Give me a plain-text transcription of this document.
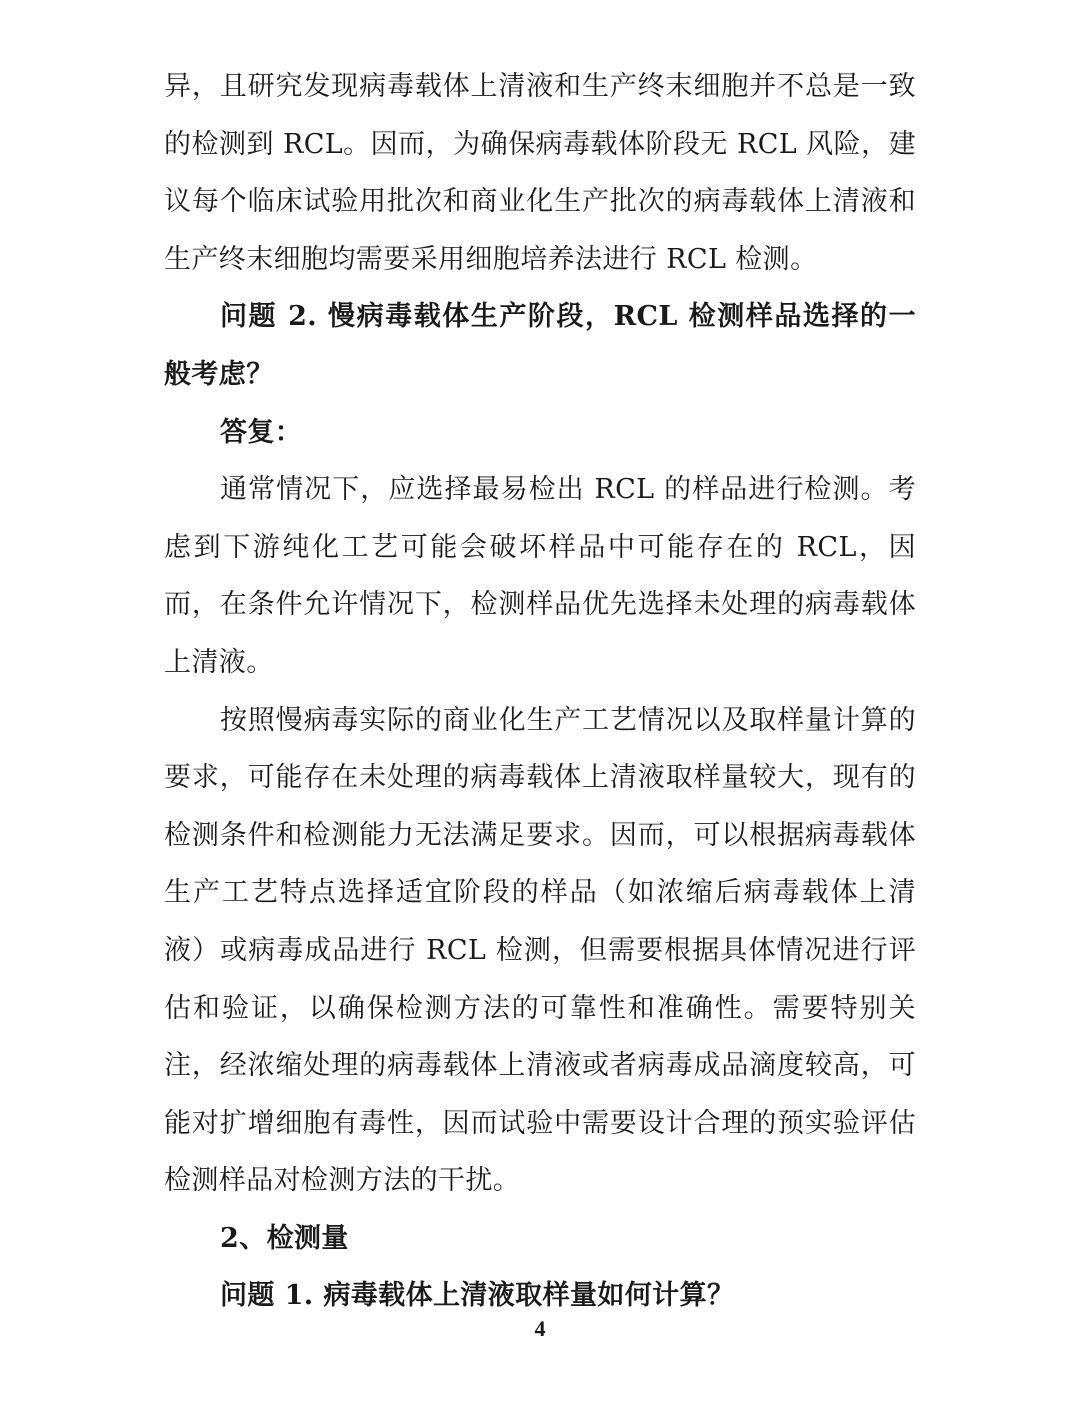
异，且研究发现病毒载体上清液和生产终末细胞并不总是一致的检测到 RCL。因而，为确保病毒载体阶段无 RCL 风险，建议每个临床试验用批次和商业化生产批次的病毒载体上清液和生产终末细胞均需要采用细胞培养法进行 RCL 检测。

问题 2. 慢病毒载体生产阶段，RCL 检测样品选择的一般考虑？

答复：

通常情况下，应选择最易检出 RCL 的样品进行检测。考虑到下游纯化工艺可能会破坏样品中可能存在的 RCL，因而，在条件允许情况下，检测样品优先选择未处理的病毒载体上清液。

按照慢病毒实际的商业化生产工艺情况以及取样量计算的要求，可能存在未处理的病毒载体上清液取样量较大，现有的检测条件和检测能力无法满足要求。因而，可以根据病毒载体生产工艺特点选择适宜阶段的样品（如浓缩后病毒载体上清液）或病毒成品进行 RCL 检测，但需要根据具体情况进行评估和验证，以确保检测方法的可靠性和准确性。需要特别关注，经浓缩处理的病毒载体上清液或者病毒成品滴度较高，可能对扩增细胞有毒性，因而试验中需要设计合理的预实验评估检测样品对检测方法的干扰。

2、检测量

问题 1. 病毒载体上清液取样量如何计算？

4
